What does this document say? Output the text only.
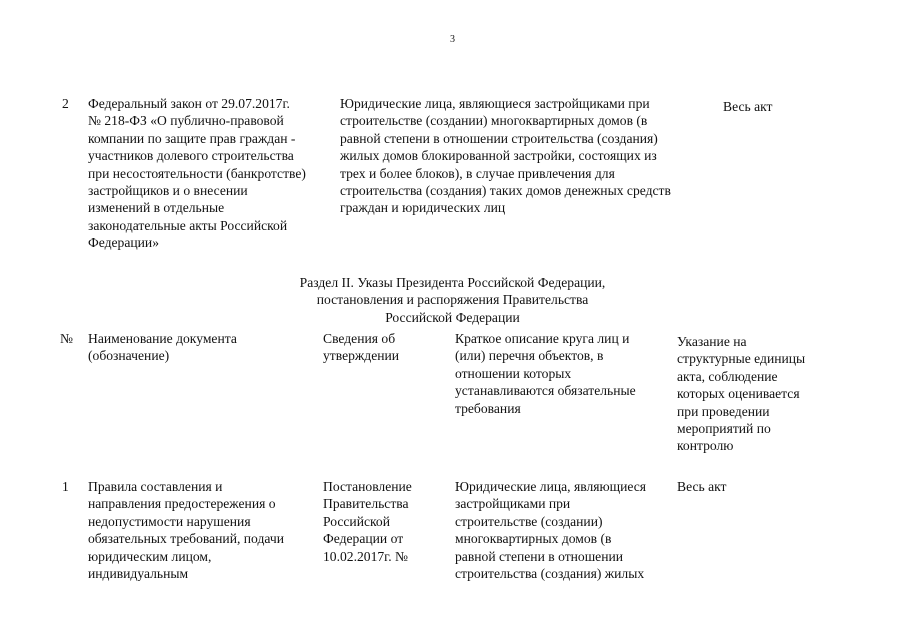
3
2 Федеральный закон от 29.07.2017г.
№ 218-ФЗ «О публично-правовой
компании по защите прав граждан -
участников долевого строительства
при несостоятельности (банкротстве)
застройщиков и о внесении
изменений в отдельные
законодательные акты Российской
Федерации»
Юридические лица, являющиеся застройщиками при
строительстве (создании) многоквартирных домов (в
равной степени в отношении строительства (создания)
жилых домов блокированной застройки, состоящих из
трех и более блоков), в случае привлечения для
строительства (создания) таких домов денежных средств
граждан и юридических лиц
Весь акт
Раздел II. Указы Президента Российской Федерации,
постановления и распоряжения Правительства
Российской Федерации
№ Наименование документа
(обозначение)
Сведения об
утверждении
Краткое описание круга лиц и
(или) перечня объектов, в
отношении которых
устанавливаются обязательные
требования
Указание на
структурные единицы
акта, соблюдение
которых оценивается
при проведении
мероприятий по
контролю
1 Правила составления и
направления предостережения о
недопустимости нарушения
обязательных требований, подачи
юридическим лицом,
индивидуальным
Постановление
Правительства
Российской
Федерации от
10.02.2017г. №
Юридические лица, являющиеся
застройщиками при
строительстве (создании)
многоквартирных домов (в
равной степени в отношении
строительства (создания) жилых
Весь акт
